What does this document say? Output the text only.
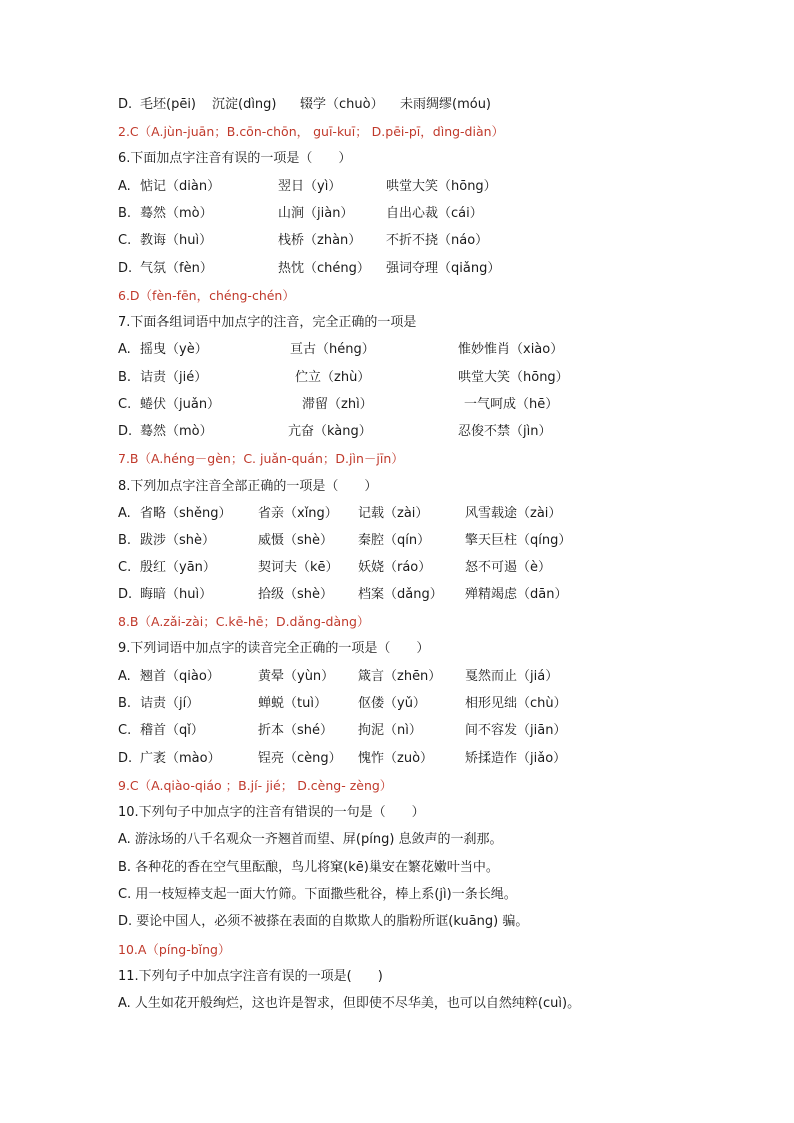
D. 毛坯(pēi) 沉淀(dìng) 辍学（chuò） 未雨绸缪(móu)
2.C（A.jùn-juān；B.cōn-chōn， guī-kuī； D.pēi-pī，dìng-diàn）
6.下面加点字注音有误的一项是（　　）
A. 惦记（diàn）	翌日（yì）	哄堂大笑（hōng）
B. 蓦然（mò）	山涧（jiàn）	自出心裁（cái）
C. 教诲（huì）	栈桥（zhàn） 不折不挠（náo）
D. 气氛（fèn）	热忱（chéng） 强词夺理（qiǎng）
6.D（fèn-fēn，chéng-chén）
7.下面各组词语中加点字的注音，完全正确的一项是
A. 摇曳（yè）	亘古（héng）	惟妙惟肖（xiào）
B. 诘责（jié）	伫立（zhù）	哄堂大笑（hōng）
C. 蜷伏（juǎn）	滞留（zhì）	一气呵成（hē）
D. 蓦然（mò）	亢奋（kàng）	忍俊不禁（jìn）
7.B（A.héng－gèn；C. juǎn-quán；D.jìn－jīn）
8.下列加点字注音全部正确的一项是（　　）
A. 省略（shěng） 省亲（xǐng） 记载（zài）	风雪载途（zài）
B. 跋涉（shè）	威慑（shè） 秦腔（qín）	擎天巨柱（qíng）
C. 殷红（yān）	契诃夫（kē） 妖娆（ráo）	怒不可遏（è）
D. 晦暗（huì）	拾级（shè） 档案（dǎng） 殚精竭虑（dān）
8.B（A.zǎi-zài；C.kē-hē；D.dǎng-dàng）
9.下列词语中加点字的读音完全正确的一项是（　　）
A. 翘首（qiào）	黄晕（yùn） 箴言（zhēn） 戛然而止（jiá）
B. 诘责（jí）	蝉蜕（tuì） 伛偻（yǔ）	相形见绌（chù）
C. 稽首（qǐ）	折本（shé） 拘泥（nì）	间不容发（jiān）
D. 广袤（mào）	锃亮（cèng） 愧怍（zuò） 矫揉造作（jiǎo）
9.C（A.qiào-qiáo ；B.jí- jié； D.cèng- zèng）
10.下列句子中加点字的注音有错误的一句是（　　）
A. 游泳场的八千名观众一齐翘首而望、屏(píng) 息敛声的一刹那。
B. 各种花的香在空气里酝酿，鸟儿将窠(kē)巢安在繁花嫩叶当中。
C. 用一枝短棒支起一面大竹筛。下面撒些秕谷，棒上系(jì)一条长绳。
D. 要论中国人，必须不被搽在表面的自欺欺人的脂粉所诓(kuāng) 骗。
10.A（píng-bǐng）
11.下列句子中加点字注音有误的一项是(　　)
A. 人生如花开般绚烂，这也许是智求，但即使不尽华美，也可以自然纯粹(cuì)。
